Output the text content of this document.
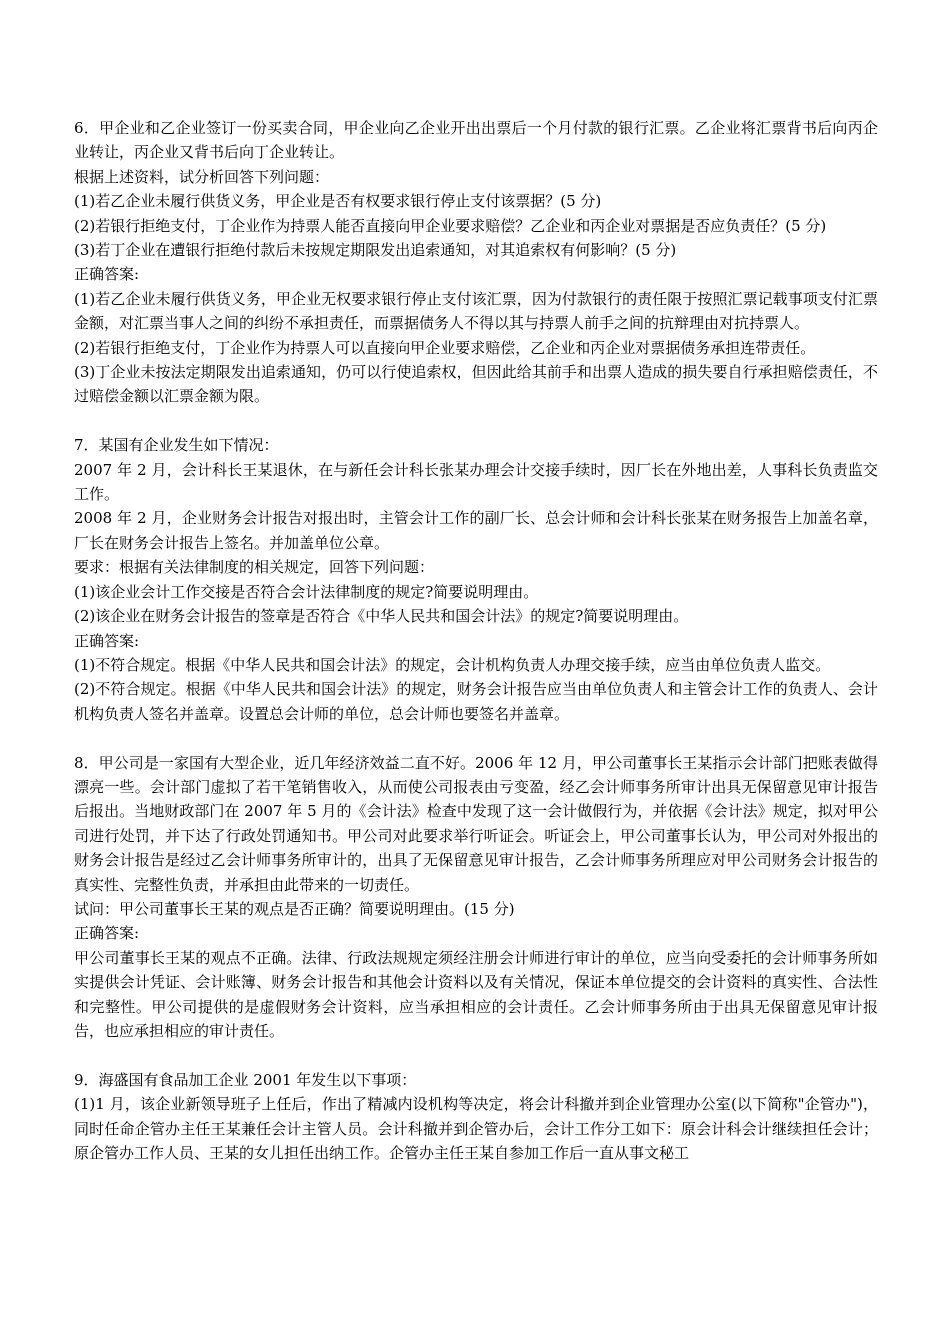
6．甲企业和乙企业签订一份买卖合同，甲企业向乙企业开出出票后一个月付款的银行汇票。乙企业将汇票背书后向丙企业转让，丙企业又背书后向丁企业转让。

根据上述资料，试分析回答下列问题：

(1)若乙企业未履行供货义务，甲企业是否有权要求银行停止支付该票据？(5 分)

(2)若银行拒绝支付，丁企业作为持票人能否直接向甲企业要求赔偿？乙企业和丙企业对票据是否应负责任？(5 分)

(3)若丁企业在遭银行拒绝付款后未按规定期限发出追索通知，对其追索权有何影响？(5 分)

正确答案:

(1)若乙企业未履行供货义务，甲企业无权要求银行停止支付该汇票，因为付款银行的责任限于按照汇票记载事项支付汇票金额，对汇票当事人之间的纠纷不承担责任，而票据债务人不得以其与持票人前手之间的抗辩理由对抗持票人。

(2)若银行拒绝支付，丁企业作为持票人可以直接向甲企业要求赔偿，乙企业和丙企业对票据债务承担连带责任。

(3)丁企业未按法定期限发出追索通知，仍可以行使追索权，但因此给其前手和出票人造成的损失要自行承担赔偿责任，不过赔偿金额以汇票金额为限。

7．某国有企业发生如下情况：

2007 年 2 月，会计科长王某退休，在与新任会计科长张某办理会计交接手续时，因厂长在外地出差，人事科长负责监交工作。

2008 年 2 月，企业财务会计报告对报出时，主管会计工作的副厂长、总会计师和会计科长张某在财务报告上加盖名章，厂长在财务会计报告上签名。并加盖单位公章。

要求：根据有关法律制度的相关规定，回答下列问题：

(1)该企业会计工作交接是否符合会计法律制度的规定?简要说明理由。

(2)该企业在财务会计报告的签章是否符合《中华人民共和国会计法》的规定?简要说明理由。

正确答案:

(1)不符合规定。根据《中华人民共和国会计法》的规定，会计机构负责人办理交接手续，应当由单位负责人监交。

(2)不符合规定。根据《中华人民共和国会计法》的规定，财务会计报告应当由单位负责人和主管会计工作的负责人、会计机构负责人签名并盖章。设置总会计师的单位，总会计师也要签名并盖章。

8．甲公司是一家国有大型企业，近几年经济效益二直不好。2006 年 12 月，甲公司董事长王某指示会计部门把账表做得漂亮一些。会计部门虚拟了若干笔销售收入，从而使公司报表由亏变盈，经乙会计师事务所审计出具无保留意见审计报告后报出。当地财政部门在 2007 年 5 月的《会计法》检查中发现了这一会计做假行为，并依据《会计法》规定，拟对甲公司进行处罚，并下达了行政处罚通知书。甲公司对此要求举行听证会。听证会上，甲公司董事长认为，甲公司对外报出的财务会计报告是经过乙会计师事务所审计的，出具了无保留意见审计报告，乙会计师事务所理应对甲公司财务会计报告的真实性、完整性负责，并承担由此带来的一切责任。

试问：甲公司董事长王某的观点是否正确？简要说明理由。(15 分)

正确答案:

甲公司董事长王某的观点不正确。法律、行政法规规定须经注册会计师进行审计的单位，应当向受委托的会计师事务所如实提供会计凭证、会计账簿、财务会计报告和其他会计资料以及有关情况，保证本单位提交的会计资料的真实性、合法性和完整性。甲公司提供的是虚假财务会计资料，应当承担相应的会计责任。乙会计师事务所由于出具无保留意见审计报告，也应承担相应的审计责任。

9．海盛国有食品加工企业 2001 年发生以下事项：

(1)1 月，该企业新领导班子上任后，作出了精减内设机构等决定，将会计科撤并到企业管理办公室(以下简称"企管办")，同时任命企管办主任王某兼任会计主管人员。会计科撤并到企管办后，会计工作分工如下：原会计科会计继续担任会计；原企管办工作人员、王某的女儿担任出纳工作。企管办主任王某自参加工作后一直从事文秘工
